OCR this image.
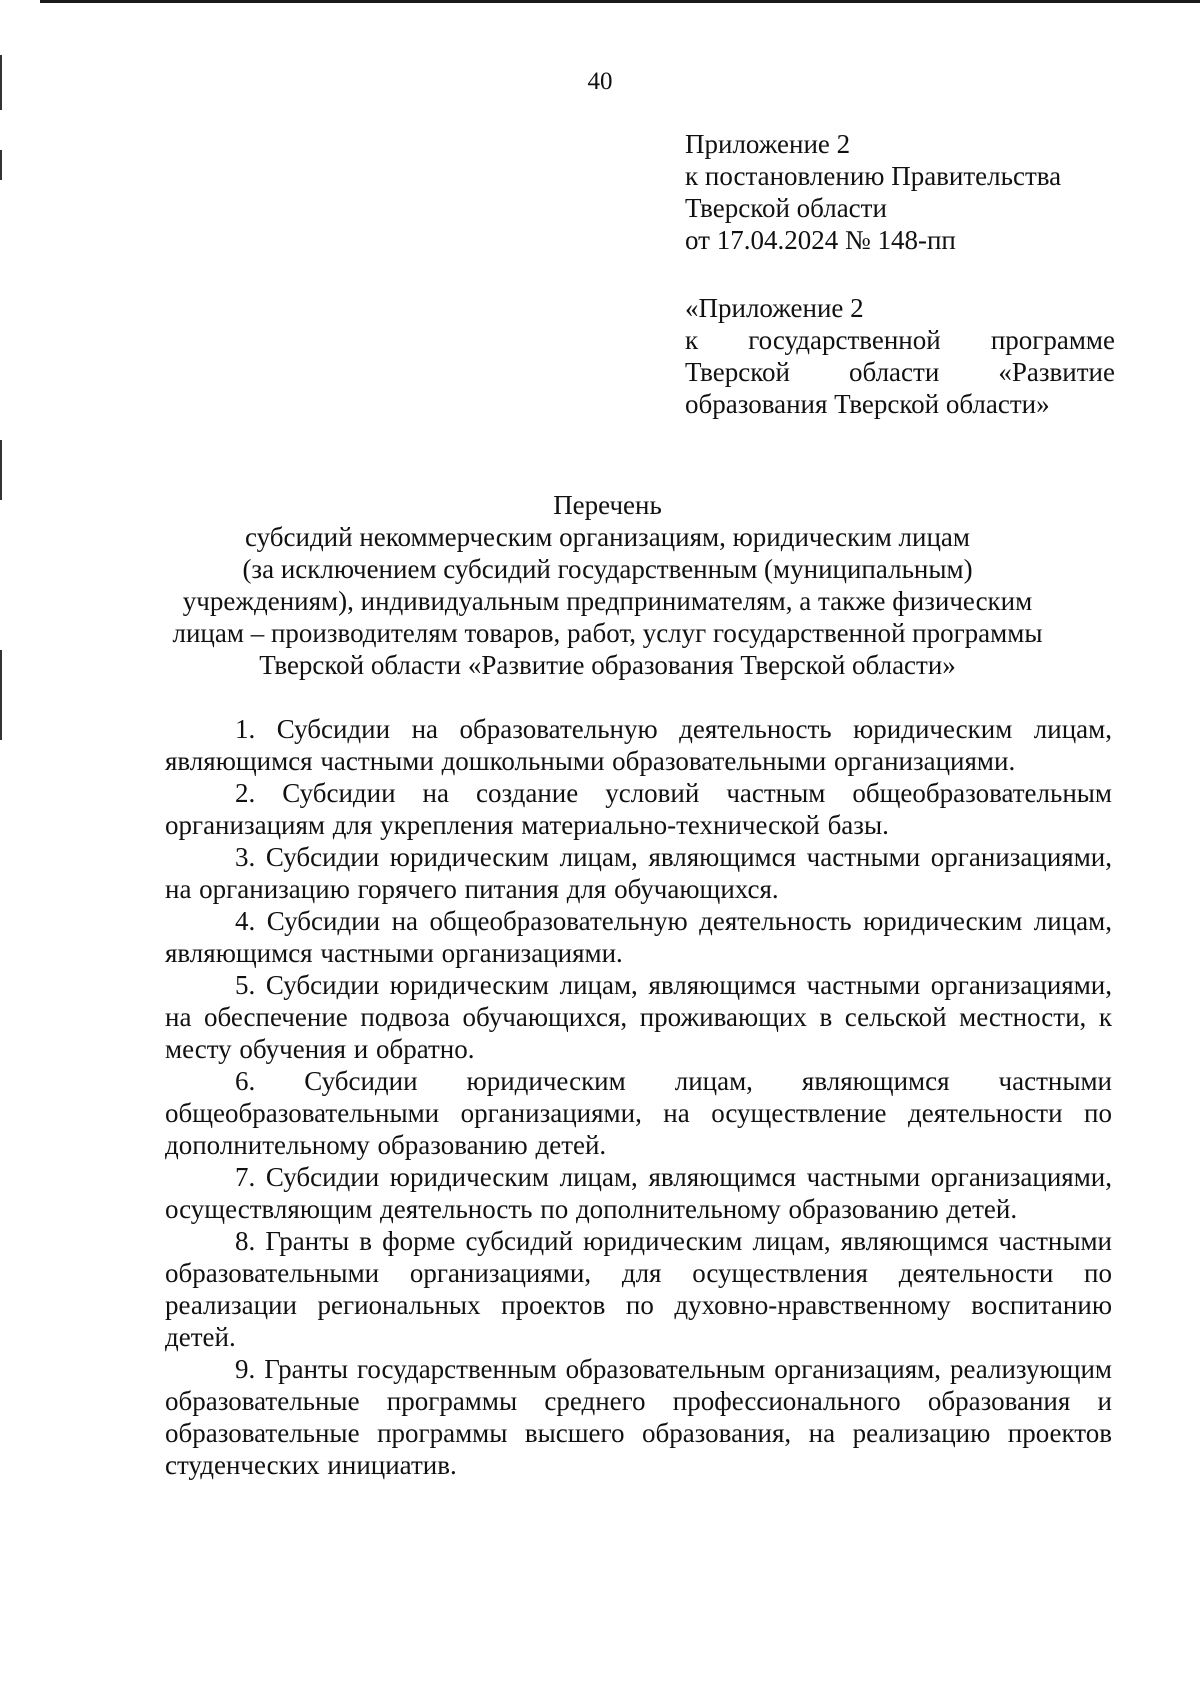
40
Приложение 2
к постановлению Правительства
Тверской области
от 17.04.2024 № 148-пп
«Приложение 2
к государственной программе
Тверской области «Развитие
образования Тверской области»
Перечень
субсидий некоммерческим организациям, юридическим лицам
(за исключением субсидий государственным (муниципальным)
учреждениям), индивидуальным предпринимателям, а также физическим
лицам – производителям товаров, работ, услуг государственной программы
Тверской области «Развитие образования Тверской области»
1. Субсидии на образовательную деятельность юридическим лицам, являющимся частными дошкольными образовательными организациями.
2. Субсидии на создание условий частным общеобразовательным организациям для укрепления материально-технической базы.
3. Субсидии юридическим лицам, являющимся частными организациями, на организацию горячего питания для обучающихся.
4. Субсидии на общеобразовательную деятельность юридическим лицам, являющимся частными организациями.
5. Субсидии юридическим лицам, являющимся частными организациями, на обеспечение подвоза обучающихся, проживающих в сельской местности, к месту обучения и обратно.
6. Субсидии юридическим лицам, являющимся частными общеобразовательными организациями, на осуществление деятельности по дополнительному образованию детей.
7. Субсидии юридическим лицам, являющимся частными организациями, осуществляющим деятельность по дополнительному образованию детей.
8. Гранты в форме субсидий юридическим лицам, являющимся частными образовательными организациями, для осуществления деятельности по реализации региональных проектов по духовно-нравственному воспитанию детей.
9. Гранты государственным образовательным организациям, реализующим образовательные программы среднего профессионального образования и образовательные программы высшего образования, на реализацию проектов студенческих инициатив.
